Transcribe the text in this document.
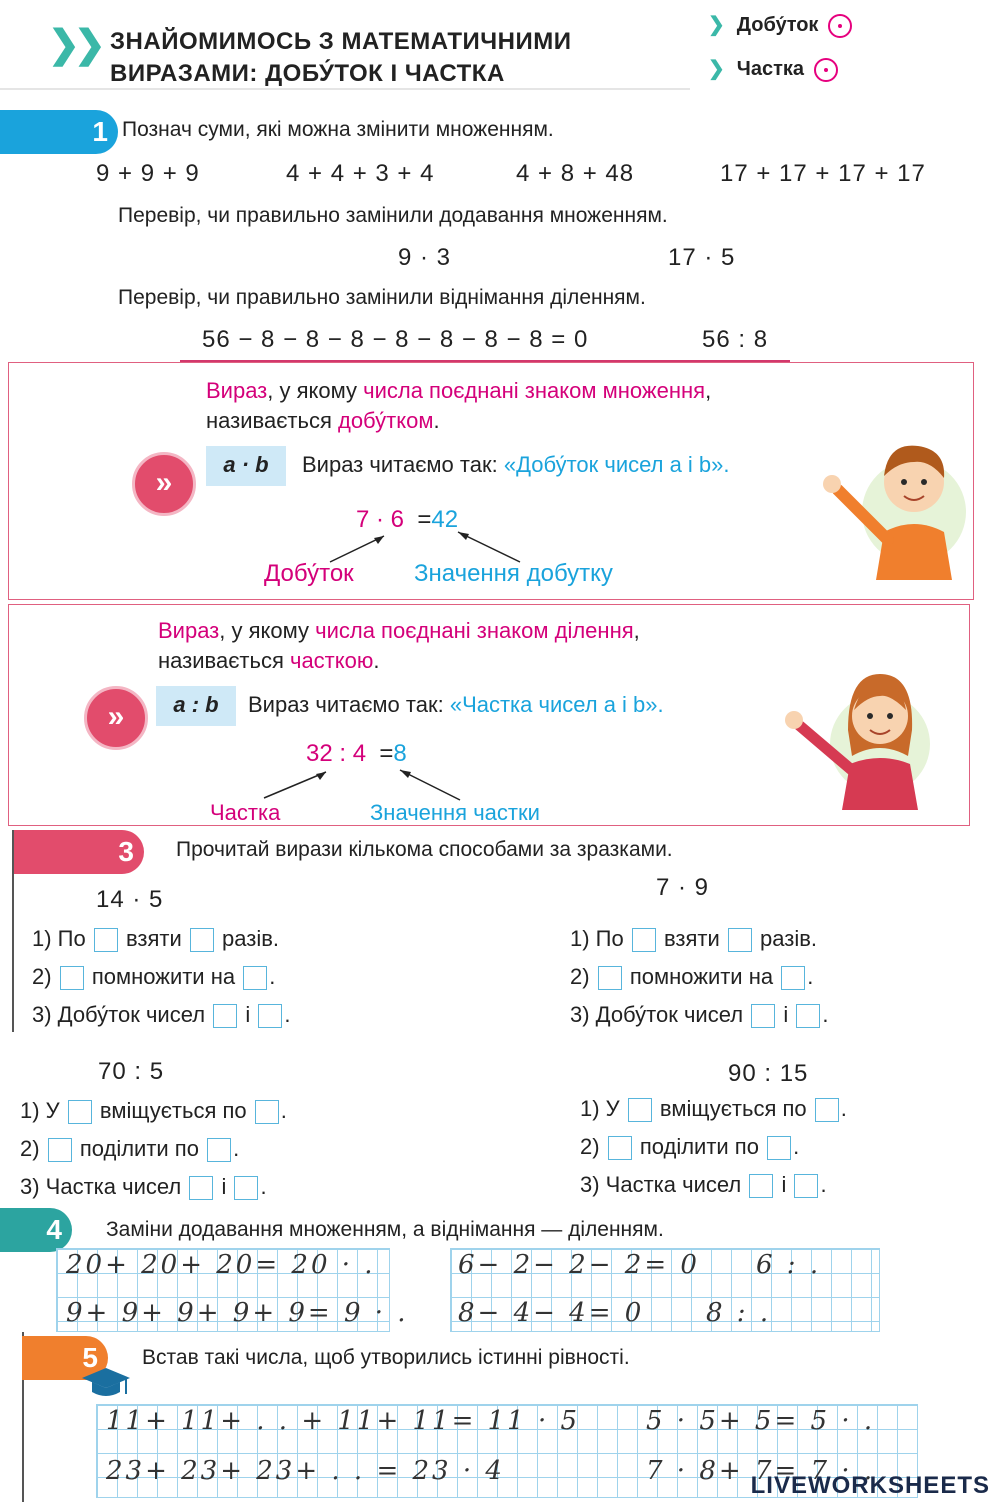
❯❯ ЗНАЙОМИМОСЬ З МАТЕМАТИЧНИМИ
ВИРАЗАМИ: ДОБУ́ТОК І ЧАСТКА
❯ Добу́ток
❯ Частка
1 Познач суми, які можна змінити множенням.
9 + 9 + 9	4 + 4 + 3 + 4	4 + 8 + 48	17 + 17 + 17 + 17
Перевір, чи правильно замінили додавання множенням.
9 · 3	17 · 5
Перевір, чи правильно замінили віднімання діленням.
56 − 8 − 8 − 8 − 8 − 8 − 8 − 8 = 0	56 : 8
Вираз, у якому числа поєднані знаком множення,
називається добу́тком.
»
a · b	Вираз читаємо так: «Добу́ток чисел a і b».
7 · 6 =42
Добу́ток	Значення добутку
Вираз, у якому числа поєднані знаком ділення,
називається часткою.
»	a : b	Вираз читаємо так: «Частка чисел a і b».
32 : 4 =8
Частка	Значення частки
3	Прочитай вирази кількома способами за зразками.
14 · 5	7 · 9
1) По взяти разів.
2) помножити на .
3) Добу́ток чисел і .
1) По взяти разів.
2) помножити на .
3) Добу́ток чисел і .
70 : 5	90 : 15
1) У вміщується по .
2) поділити по .
3) Частка чисел і .
1) У вміщується по .
2) поділити по .
3) Частка чисел і .
4	Заміни додавання множенням, а віднімання — діленням.
20+ 20+ 20= 20 · .
9+ 9+ 9+ 9+ 9= 9 · .
6− 2− 2− 2= 0 6 : .
8− 4− 4= 0 8 : .
5	Встав такі числа, щоб утворились істинні рівності.
11+ 11+ . . + 11+ 11= 11 · 5
23+ 23+ 23+ . . = 23 · 4
5 · 5+ 5= 5 · .
7 · 8+ 7= 7 · .
LIVEWORKSHEETS
